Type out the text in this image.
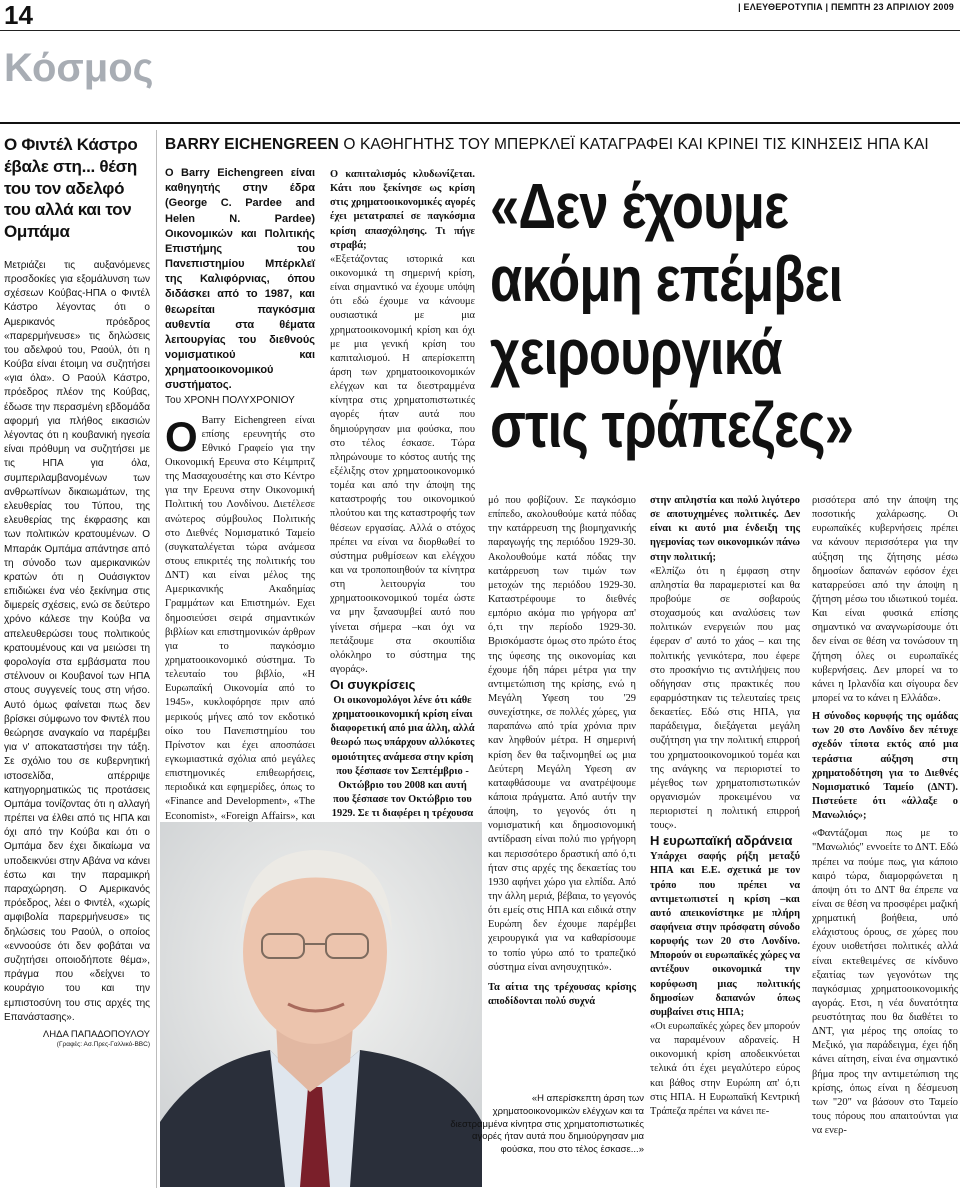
14	| ΕΛΕΥΘΕΡΟΤΥΠΙΑ | ΠΕΜΠΤΗ 23 ΑΠΡΙΛΙΟΥ 2009
Κόσμος
Ο Φιντέλ Κάστρο έβαλε στη... θέση του τον αδελφό του αλλά και τον Ομπάμα
Μετριάζει τις αυξανόμενες προσδοκίες για εξομάλυνση των σχέσεων Κούβας-ΗΠΑ ο Φιντέλ Κάστρο λέγοντας ότι ο Αμερικανός πρόεδρος «παρερμήνευσε» τις δηλώσεις του αδελφού του, Ραούλ, ότι η Κούβα είναι έτοιμη να συζητήσει «για όλα». Ο Ραούλ Κάστρο, πρόεδρος πλέον της Κούβας, έδωσε την περασμένη εβδομάδα αφορμή για πλήθος εικασιών λέγοντας ότι η κουβανική ηγεσία είναι πρόθυμη να συζητήσει με τις ΗΠΑ για όλα, συμπεριλαμβανομένων των ανθρωπίνων δικαιωμάτων, της ελευθερίας του Τύπου, της ελευθερίας της έκφρασης και των πολιτικών κρατουμένων. Ο Μπαράκ Ομπάμα απάντησε από τη σύνοδο των αμερικανικών κρατών ότι η Ουάσιγκτον επιδιώκει ένα νέο ξεκίνημα στις διμερείς σχέσεις, ενώ σε δεύτερο χρόνο κάλεσε την Κούβα να απελευθερώσει τους πολιτικούς κρατουμένους και να μειώσει τη φορολογία στα εμβάσματα που στέλνουν οι Κουβανοί των ΗΠΑ στους συγγενείς τους στη νήσο. Αυτό όμως φαίνεται πως δεν βρίσκει σύμφωνο τον Φιντέλ που θεώρησε αναγκαίο να παρέμβει για ν' αποκαταστήσει την τάξη. Σε σχόλιο του σε κυβερνητική ιστοσελίδα, απέρριψε κατηγορηματικώς τις προτάσεις Ομπάμα τονίζοντας ότι η αλλαγή πρέπει να έλθει από τις ΗΠΑ και όχι από την Κούβα και ότι ο Ομπάμα δεν έχει δικαίωμα να υποδεικνύει στην Αβάνα να κάνει έστω και την παραμικρή παραχώρηση. Ο Αμερικανός πρόεδρος, λέει ο Φιντέλ, «χωρίς αμφιβολία παρερμήνευσε» τις δηλώσεις του Ραούλ, ο οποίος «εννοούσε ότι δεν φοβάται να συζητήσει οποιοδήποτε θέμα», πράγμα που «δείχνει το κουράγιο του και την εμπιστοσύνη του στις αρχές της Επανάστασης».
ΛΗΔΑ ΠΑΠΑΔΟΠΟΥΛΟΥ
(Γραφές: Ασ.Πρες-Γαλλικό-BBC)
BARRY EICHENGREEN Ο ΚΑΘΗΓΗΤΗΣ ΤΟΥ ΜΠΕΡΚΛΕΪ ΚΑΤΑΓΡΑΦΕΙ ΚΑΙ ΚΡΙΝΕΙ ΤΙΣ ΚΙΝΗΣΕΙΣ ΗΠΑ ΚΑΙ

Ο Barry Eichengreen είναι καθηγητής στην έδρα (George C. Pardee and Helen N. Pardee) Οικονομικών και Πολιτικής Επιστήμης του Πανεπιστημίου Μπέρκλεϊ της Καλιφόρνιας, όπου διδάσκει από το 1987, και θεωρείται παγκόσμια αυθεντία στα θέματα λειτουργίας του διεθνούς νομισματικού και χρηματοοικονομικού συστήματος.

Του ΧΡΟΝΗ ΠΟΛΥΧΡΟΝΙΟΥ

Ο Barry Eichengreen είναι επίσης ερευνητής στο Εθνικό Γραφείο για την Οικονομική Ερευνα στο Κέιμπριτζ της Μασαχουσέτης και στο Κέντρο για την Ερευνα στην Οικονομική Πολιτική του Λονδίνου. Διετέλεσε ανώτερος σύμβουλος Πολιτικής στο Διεθνές Νομισματικό Ταμείο (συγκαταλέγεται τώρα ανάμεσα στους επικριτές της πολιτικής του ΔΝΤ) και είναι μέλος της Αμερικανικής Ακαδημίας Γραμμάτων και Επιστημών. Εχει δημοσιεύσει σειρά σημαντικών βιβλίων και επιστημονικών άρθρων για το παγκόσμιο χρηματοοικονομικό σύστημα. Το τελευταίο του βιβλίο, «Η Ευρωπαϊκή Οικονομία από το 1945», κυκλοφόρησε πριν από μερικούς μήνες από τον εκδοτικό οίκο του Πανεπιστημίου του Πρίνστον και έχει αποσπάσει εγκωμιαστικά σχόλια από μεγάλες επιστημονικές επιθεωρήσεις, περιοδικά και εφημερίδες, όπως το «Finance and Development», «The Economist», «Foreign Affairs», και

Ο καπιταλισμός κλυδωνίζεται. Κάτι που ξεκίνησε ως κρίση στις χρηματοοικονομικές αγορές έχει μετατραπεί σε παγκόσμια κρίση απασχόλησης. Τι πήγε στραβά;

«Εξετάζοντας ιστορικά και οικονομικά τη σημερινή κρίση, είναι σημαντικό να έχουμε υπόψη ότι εδώ έχουμε να κάνουμε ουσιαστικά με μια χρηματοοικονομική κρίση και όχι με μια γενική κρίση του καπιταλισμού. Η απερίσκεπτη άρση των χρηματοοικονομικών ελέγχων και τα διεστραμμένα κίνητρα στις χρηματοπιστωτικές αγορές ήταν αυτά που δημιούργησαν μια φούσκα, που στο τέλος έσκασε. Τώρα πληρώνουμε το κόστος αυτής της εξέλιξης στον χρηματοοικονομικό τομέα και από την άποψη της καταστροφής του οικονομικού πλούτου και της καταστροφής των θέσεων εργασίας. Αλλά ο στόχος πρέπει να είναι να διορθωθεί το σύστημα ρυθμίσεων και ελέγχου και να τροποποιηθούν τα κίνητρα στη λειτουργία του χρηματοοικονομικού τομέα ώστε να μην ξανασυμβεί αυτό που γίνεται σήμερα –και όχι να πετάξουμε στα σκουπίδια ολόκληρο το σύστημα της αγοράς».

Οι συγκρίσεις

Οι οικονομολόγοι λένε ότι κάθε χρηματοοικονομική κρίση είναι διαφορετική από μια άλλη, αλλά θεωρώ πως υπάρχουν αλλόκοτες ομοιότητες ανάμεσα στην κρίση που ξέσπασε τον Σεπτέμβριο - Οκτώβριο του 2008 και αυτή που ξέσπασε τον Οκτώβριο του 1929. Σε τι διαφέρει η τρέχουσα

«Δεν έχουμε
ακόμη επέμβει
χειρουργικά
στις τράπεζες»

μό που φοβίζουν. Σε παγκόσμιο επίπεδο, ακολουθούμε κατά πόδας την κατάρρευση της βιομηχανικής παραγωγής της περιόδου 1929-30. Ακολουθούμε κατά πόδας την κατάρρευση των τιμών των μετοχών της περιόδου 1929-30. Καταστρέφουμε το διεθνές εμπόριο ακόμα πιο γρήγορα απ' ό,τι την περίοδο 1929-30. Βρισκόμαστε όμως στο πρώτο έτος της ύφεσης της οικονομίας και έχουμε ήδη πάρει μέτρα για την αντιμετώπιση της κρίσης, ενώ η Μεγάλη Υφεση του '29 συνεχίστηκε, σε πολλές χώρες, για παραπάνω από τρία χρόνια πριν καν ληφθούν μέτρα. Η σημερινή κρίση δεν θα ταξινομηθεί ως μια Δεύτερη Μεγάλη Υφεση αν καταφθάσουμε να ανατρέψουμε κάποια πράγματα. Από αυτήν την άποψη, το γεγονός ότι η νομισματική και δημοσιονομική αντίδραση είναι πολύ πιο γρήγορη και περισσότερο δραστική από ό,τι ήταν στις αρχές της δεκαετίας του 1930 αφήνει χώρο για ελπίδα. Από την άλλη μεριά, βέβαια, το γεγονός ότι εμείς στις ΗΠΑ και ειδικά στην Ευρώπη δεν έχουμε παρέμβει χειρουργικά για να καθαρίσουμε το τοπίο γύρω από το τραπεζικό σύστημα είναι ανησυχητικό».

Τα αίτια της τρέχουσας κρίσης αποδίδονται πολύ συχνά

στην απληστία και πολύ λιγότερο σε αποτυχημένες πολιτικές. Δεν είναι κι αυτό μια ένδειξη της ηγεμονίας των οικονομικών πάνω στην πολιτική;

«Ελπίζω ότι η έμφαση στην απληστία θα παραμεριστεί και θα προβούμε σε σοβαρούς στοχασμούς και αναλύσεις των πολιτικών ενεργειών που μας έφεραν σ' αυτό το χάος – και της πολιτικής γενικότερα, που έφερε στο προσκήνιο τις αντιλήψεις που οδήγησαν στις πρακτικές που εφαρμόστηκαν τις τελευταίες τρεις δεκαετίες. Εδώ στις ΗΠΑ, για παράδειγμα, διεξάγεται μεγάλη συζήτηση για την πολιτική επιρροή του χρηματοοικονομικού τομέα και της ανάγκης να περιοριστεί το μέγεθος των χρηματοπιστωτικών οργανισμών προκειμένου να περιοριστεί η πολιτική επιρροή τους».

Η ευρωπαϊκή αδράνεια

Υπάρχει σαφής ρήξη μεταξύ ΗΠΑ και Ε.Ε. σχετικά με τον τρόπο που πρέπει να αντιμετωπιστεί η κρίση –και αυτό απεικονίστηκε με πλήρη σαφήνεια στην πρόσφατη σύνοδο κορυφής των 20 στο Λονδίνο. Μπορούν οι ευρωπαϊκές χώρες να αντέξουν οικονομικά την κορύφωση μιας πολιτικής δημοσίων δαπανών όπως συμβαίνει στις ΗΠΑ;

«Οι ευρωπαϊκές χώρες δεν μπορούν να παραμένουν αδρανείς. Η οικονομική κρίση αποδεικνύεται τελικά ότι έχει μεγαλύτερο εύρος και βάθος στην Ευρώπη απ' ό,τι στις ΗΠΑ. Η Ευρωπαϊκή Κεντρική Τράπεζα πρέπει να κάνει πε-

ρισσότερα από την άποψη της ποσοτικής χαλάρωσης. Οι ευρωπαϊκές κυβερνήσεις πρέπει να κάνουν περισσότερα για την αύξηση της ζήτησης μέσω δημοσίων δαπανών εφόσον έχει καταρρεύσει από την άποψη η ζήτηση μέσω του ιδιωτικού τομέα. Και είναι φυσικά επίσης σημαντικό να αναγνωρίσουμε ότι δεν είναι σε θέση να τονώσουν τη ζήτηση όλες οι ευρωπαϊκές κυβερνήσεις. Δεν μπορεί να το κάνει η Ιρλανδία και σίγουρα δεν μπορεί να το κάνει η Ελλάδα».

Η σύνοδος κορυφής της ομάδας των 20 στο Λονδίνο δεν πέτυχε σχεδόν τίποτα εκτός από μια τεράστια αύξηση στη χρηματοδότηση για το Διεθνές Νομισματικό Ταμείο (ΔΝΤ). Πιστεύετε ότι «άλλαξε ο Μανωλιός»;

«Φαντάζομαι πως με το "Μανωλιός" εννοείτε το ΔΝΤ. Εδώ πρέπει να πούμε πως, για κάποιο καιρό τώρα, διαμορφώνεται η άποψη ότι το ΔΝΤ θα έπρεπε να είναι σε θέση να προσφέρει μαζική χρηματική βοήθεια, υπό ελάχιστους όρους, σε χώρες που έχουν υιοθετήσει πολιτικές αλλά είναι εκτεθειμένες σε κίνδυνο εξαιτίας των γεγονότων της παγκόσμιας χρηματοοικονομικής αγοράς. Ετσι, η νέα δυνατότητα ρευστότητας που θα διαθέτει το ΔΝΤ, για μέρος της οποίας το Μεξικό, για παράδειγμα, έχει ήδη κάνει αίτηση, είναι ένα σημαντικό βήμα προς την αντιμετώπιση της κρίσης, όπως είναι η δέσμευση των "20" να βάσουν στο Ταμείο τους πόρους που απαιτούνται για να ενερ-

«Η απερίσκεπτη άρση των χρηματοοικονομικών ελέγχων και τα διεστραμμένα κίνητρα στις χρηματοπιστωτικές αγορές ήταν αυτά που δημιούργησαν μια φούσκα, που στο τέλος έσκασε...»
